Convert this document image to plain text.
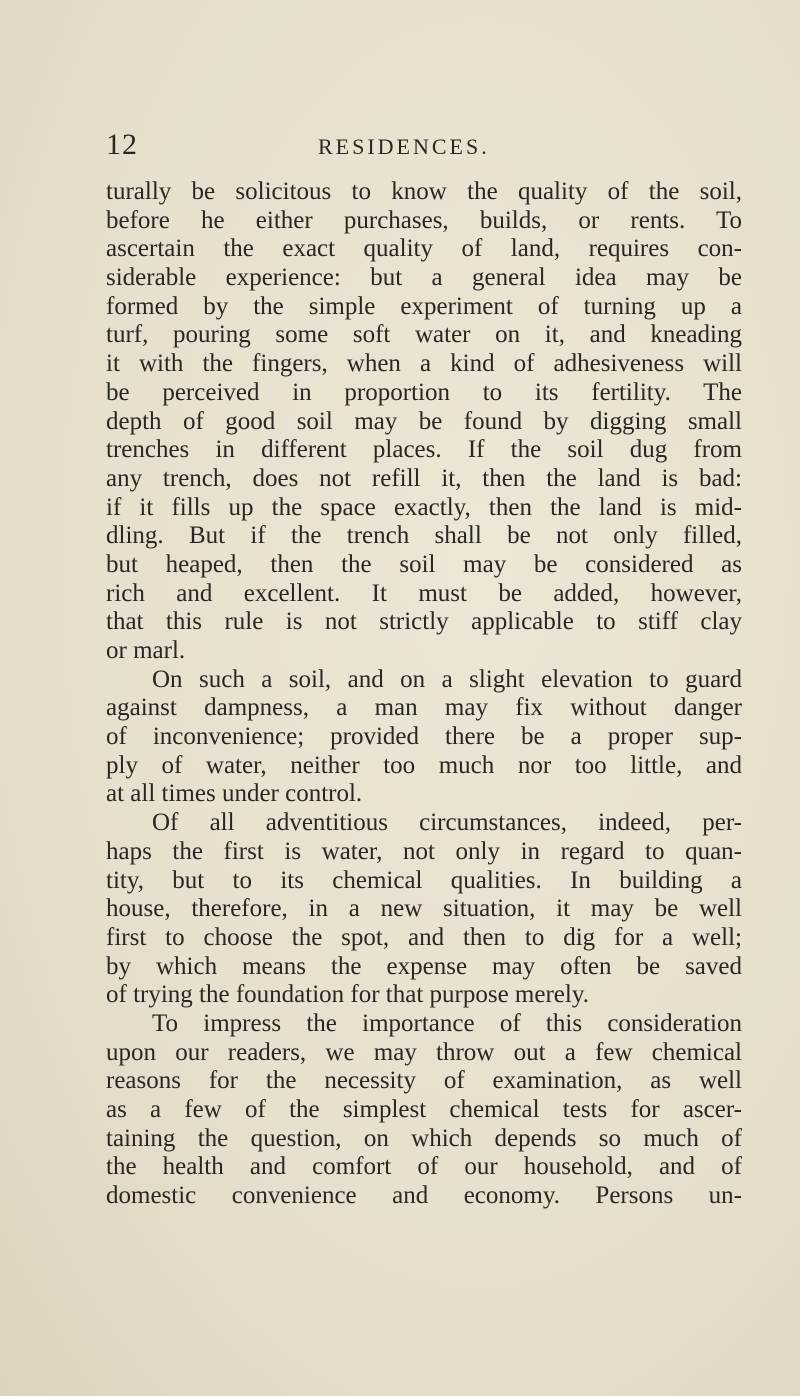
12	RESIDENCES.
turally be solicitous to know the quality of the soil,
before he either purchases, builds, or rents. To
ascertain the exact quality of land, requires con-
siderable experience: but a general idea may be
formed by the simple experiment of turning up a
turf, pouring some soft water on it, and kneading
it with the fingers, when a kind of adhesiveness will
be perceived in proportion to its fertility. The
depth of good soil may be found by digging small
trenches in different places. If the soil dug from
any trench, does not refill it, then the land is bad:
if it fills up the space exactly, then the land is mid-
dling. But if the trench shall be not only filled,
but heaped, then the soil may be considered as
rich and excellent. It must be added, however,
that this rule is not strictly applicable to stiff clay
or marl.
On such a soil, and on a slight elevation to guard
against dampness, a man may fix without danger
of inconvenience; provided there be a proper sup-
ply of water, neither too much nor too little, and
at all times under control.
Of all adventitious circumstances, indeed, per-
haps the first is water, not only in regard to quan-
tity, but to its chemical qualities. In building a
house, therefore, in a new situation, it may be well
first to choose the spot, and then to dig for a well;
by which means the expense may often be saved
of trying the foundation for that purpose merely.
To impress the importance of this consideration
upon our readers, we may throw out a few chemical
reasons for the necessity of examination, as well
as a few of the simplest chemical tests for ascer-
taining the question, on which depends so much of
the health and comfort of our household, and of
domestic convenience and economy. Persons un-
